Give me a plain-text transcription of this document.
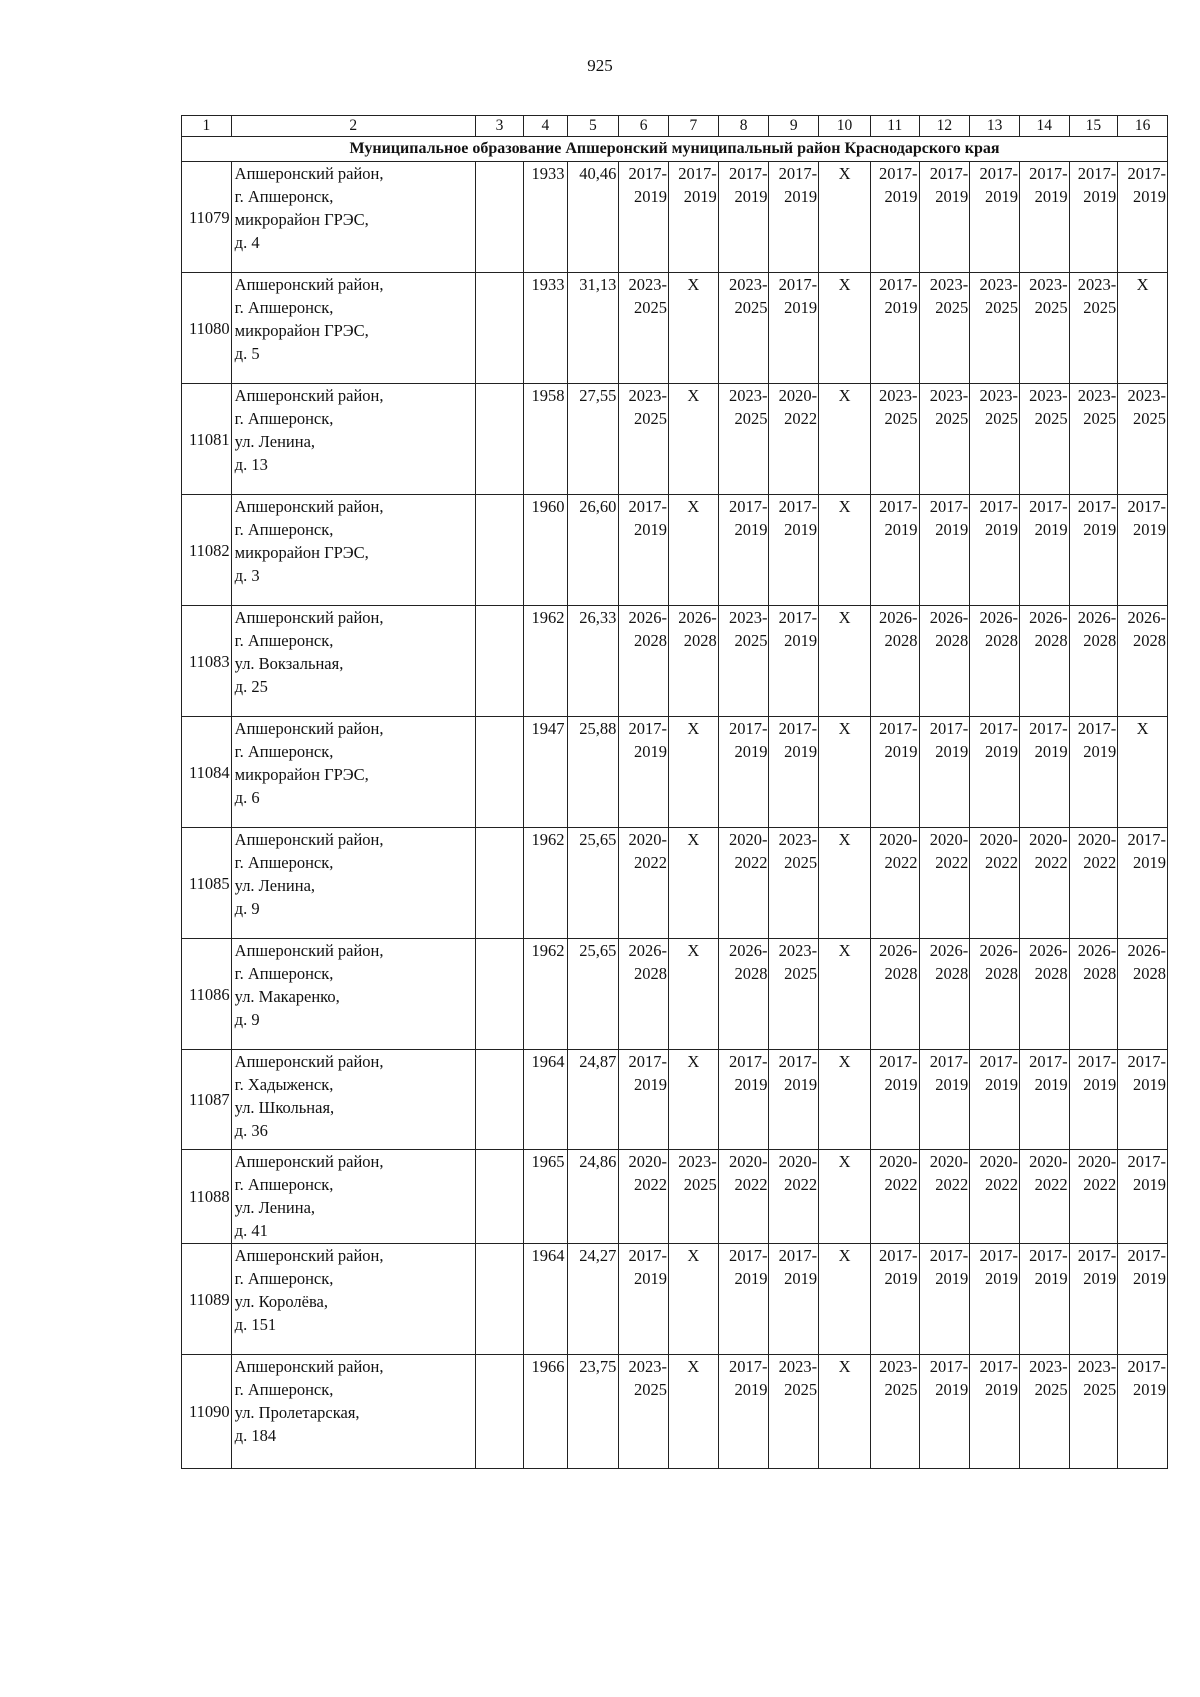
925
1	2	3	4	5	6	7	8	9	10	11	12	13	14	15	16
Муниципальное образование Апшеронский муниципальный район Краснодарского края															
11079	Апшеронский район,
г. Апшеронск,
микрорайон ГРЭС,
д. 4		1933	40,46	2017-
2019	2017-
2019	2017-
2019	2017-
2019	Х	2017-
2019	2017-
2019	2017-
2019	2017-
2019	2017-
2019	2017-
2019
11080	Апшеронский район,
г. Апшеронск,
микрорайон ГРЭС,
д. 5		1933	31,13	2023-
2025	Х	2023-
2025	2017-
2019	Х	2017-
2019	2023-
2025	2023-
2025	2023-
2025	2023-
2025	Х
11081	Апшеронский район,
г. Апшеронск,
ул. Ленина,
д. 13		1958	27,55	2023-
2025	Х	2023-
2025	2020-
2022	Х	2023-
2025	2023-
2025	2023-
2025	2023-
2025	2023-
2025	2023-
2025
11082	Апшеронский район,
г. Апшеронск,
микрорайон ГРЭС,
д. 3		1960	26,60	2017-
2019	Х	2017-
2019	2017-
2019	Х	2017-
2019	2017-
2019	2017-
2019	2017-
2019	2017-
2019	2017-
2019
11083	Апшеронский район,
г. Апшеронск,
ул. Вокзальная,
д. 25		1962	26,33	2026-
2028	2026-
2028	2023-
2025	2017-
2019	Х	2026-
2028	2026-
2028	2026-
2028	2026-
2028	2026-
2028	2026-
2028
11084	Апшеронский район,
г. Апшеронск,
микрорайон ГРЭС,
д. 6		1947	25,88	2017-
2019	Х	2017-
2019	2017-
2019	Х	2017-
2019	2017-
2019	2017-
2019	2017-
2019	2017-
2019	Х
11085	Апшеронский район,
г. Апшеронск,
ул. Ленина,
д. 9		1962	25,65	2020-
2022	Х	2020-
2022	2023-
2025	Х	2020-
2022	2020-
2022	2020-
2022	2020-
2022	2020-
2022	2017-
2019
11086	Апшеронский район,
г. Апшеронск,
ул. Макаренко,
д. 9		1962	25,65	2026-
2028	Х	2026-
2028	2023-
2025	Х	2026-
2028	2026-
2028	2026-
2028	2026-
2028	2026-
2028	2026-
2028
11087	Апшеронский район,
г. Хадыженск,
ул. Школьная,
д. 36		1964	24,87	2017-
2019	Х	2017-
2019	2017-
2019	Х	2017-
2019	2017-
2019	2017-
2019	2017-
2019	2017-
2019	2017-
2019
11088	Апшеронский район,
г. Апшеронск,
ул. Ленина,
д. 41		1965	24,86	2020-
2022	2023-
2025	2020-
2022	2020-
2022	Х	2020-
2022	2020-
2022	2020-
2022	2020-
2022	2020-
2022	2017-
2019
11089	Апшеронский район,
г. Апшеронск,
ул. Королёва,
д. 151		1964	24,27	2017-
2019	Х	2017-
2019	2017-
2019	Х	2017-
2019	2017-
2019	2017-
2019	2017-
2019	2017-
2019	2017-
2019
11090	Апшеронский район,
г. Апшеронск,
ул. Пролетарская,
д. 184		1966	23,75	2023-
2025	Х	2017-
2019	2023-
2025	Х	2023-
2025	2017-
2019	2017-
2019	2023-
2025	2023-
2025	2017-
2019
